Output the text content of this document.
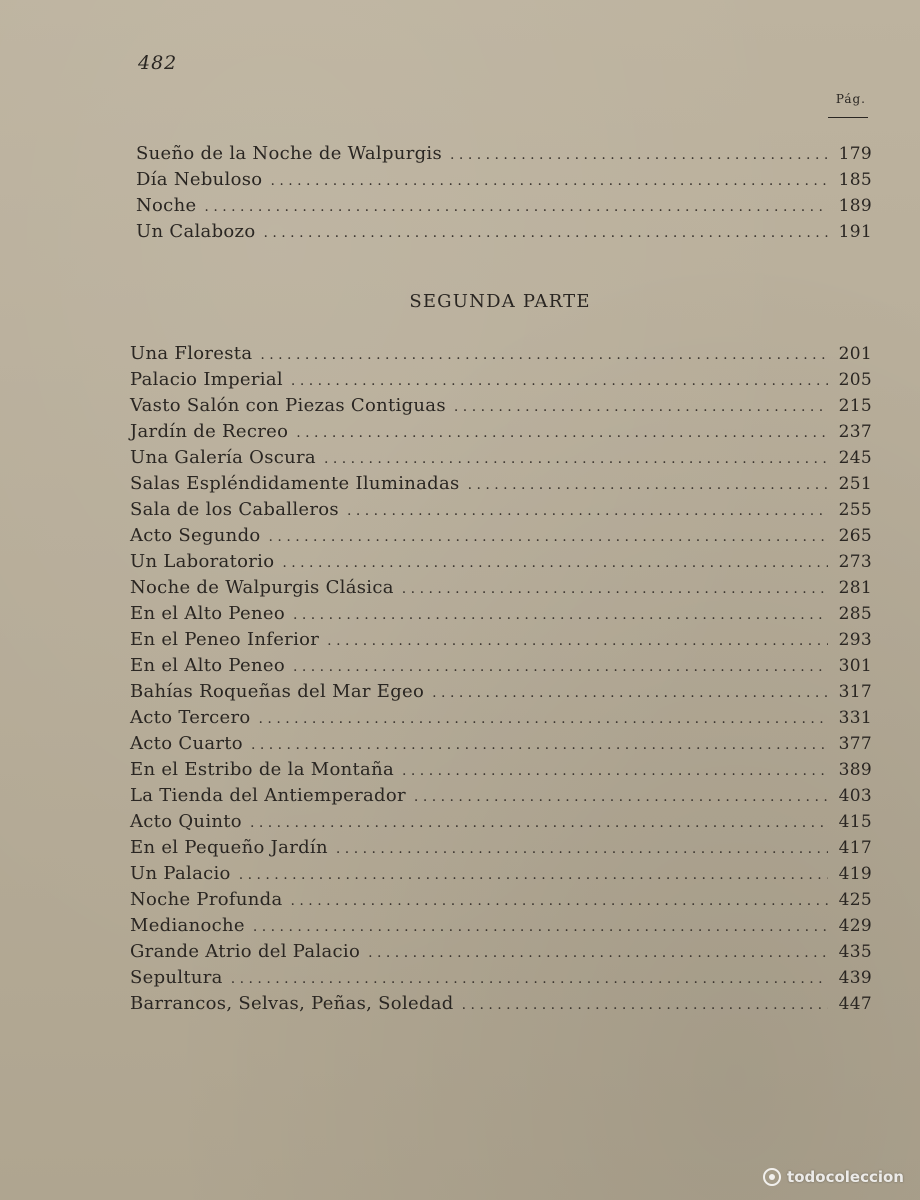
482
Pág.
Sueño de la Noche de Walpurgis . . .	179
Día Nebuloso . . .	185
Noche . . .	189
Un Calabozo . . .	191
SEGUNDA PARTE
Una Floresta . . .	201
Palacio Imperial . . .	205
Vasto Salón con Piezas Contiguas . . .	215
Jardín de Recreo . . .	237
Una Galería Oscura . . .	245
Salas Espléndidamente Iluminadas . . .	251
Sala de los Caballeros . . .	255
Acto Segundo . . .	265
Un Laboratorio . . .	273
Noche de Walpurgis Clásica . . .	281
En el Alto Peneo . . .	285
En el Peneo Inferior . . .	293
En el Alto Peneo . . .	301
Bahías Roqueñas del Mar Egeo . . .	317
Acto Tercero . . .	331
Acto Cuarto . . .	377
En el Estribo de la Montaña . . .	389
La Tienda del Antiemperador . . .	403
Acto Quinto . . .	415
En el Pequeño Jardín . . .	417
Un Palacio . . .	419
Noche Profunda . . .	425
Medianoche . . .	429
Grande Atrio del Palacio . . .	435
Sepultura . . .	439
Barrancos, Selvas, Peñas, Soledad . . .	447
todocoleccion
